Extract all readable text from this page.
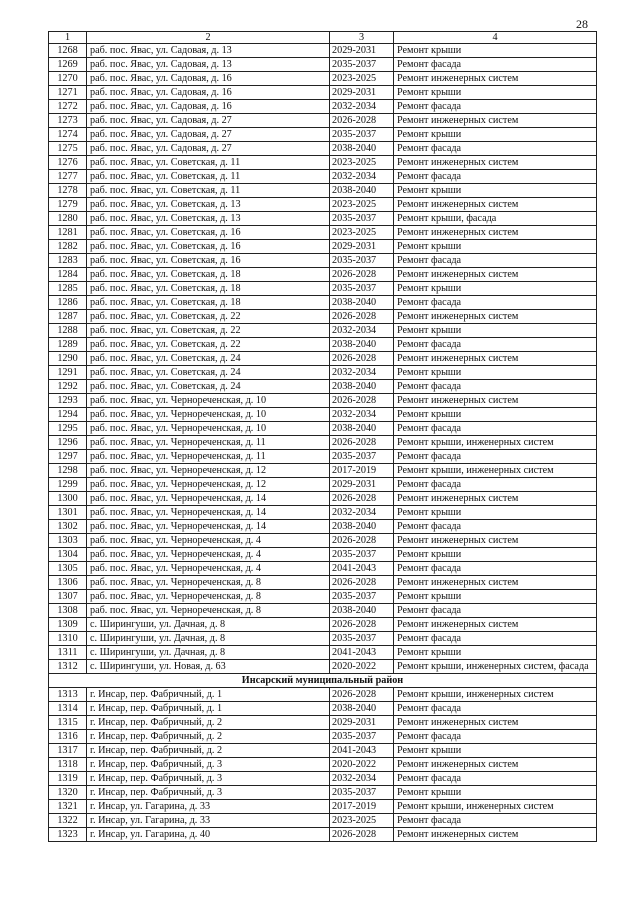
28
1	2	3	4
1268	раб. пос. Явас, ул. Садовая, д. 13	2029-2031	Ремонт крыши
1269	раб. пос. Явас, ул. Садовая, д. 13	2035-2037	Ремонт фасада
1270	раб. пос. Явас, ул. Садовая, д. 16	2023-2025	Ремонт инженерных систем
1271	раб. пос. Явас, ул. Садовая, д. 16	2029-2031	Ремонт крыши
1272	раб. пос. Явас, ул. Садовая, д. 16	2032-2034	Ремонт фасада
1273	раб. пос. Явас, ул. Садовая, д. 27	2026-2028	Ремонт инженерных систем
1274	раб. пос. Явас, ул. Садовая, д. 27	2035-2037	Ремонт крыши
1275	раб. пос. Явас, ул. Садовая, д. 27	2038-2040	Ремонт фасада
1276	раб. пос. Явас, ул. Советская, д. 11	2023-2025	Ремонт инженерных систем
1277	раб. пос. Явас, ул. Советская, д. 11	2032-2034	Ремонт фасада
1278	раб. пос. Явас, ул. Советская, д. 11	2038-2040	Ремонт крыши
1279	раб. пос. Явас, ул. Советская, д. 13	2023-2025	Ремонт инженерных систем
1280	раб. пос. Явас, ул. Советская, д. 13	2035-2037	Ремонт крыши, фасада
1281	раб. пос. Явас, ул. Советская, д. 16	2023-2025	Ремонт инженерных систем
1282	раб. пос. Явас, ул. Советская, д. 16	2029-2031	Ремонт крыши
1283	раб. пос. Явас, ул. Советская, д. 16	2035-2037	Ремонт фасада
1284	раб. пос. Явас, ул. Советская, д. 18	2026-2028	Ремонт инженерных систем
1285	раб. пос. Явас, ул. Советская, д. 18	2035-2037	Ремонт крыши
1286	раб. пос. Явас, ул. Советская, д. 18	2038-2040	Ремонт фасада
1287	раб. пос. Явас, ул. Советская, д. 22	2026-2028	Ремонт инженерных систем
1288	раб. пос. Явас, ул. Советская, д. 22	2032-2034	Ремонт крыши
1289	раб. пос. Явас, ул. Советская, д. 22	2038-2040	Ремонт фасада
1290	раб. пос. Явас, ул. Советская, д. 24	2026-2028	Ремонт инженерных систем
1291	раб. пос. Явас, ул. Советская, д. 24	2032-2034	Ремонт крыши
1292	раб. пос. Явас, ул. Советская, д. 24	2038-2040	Ремонт фасада
1293	раб. пос. Явас, ул. Чернореченская, д. 10	2026-2028	Ремонт инженерных систем
1294	раб. пос. Явас, ул. Чернореченская, д. 10	2032-2034	Ремонт крыши
1295	раб. пос. Явас, ул. Чернореченская, д. 10	2038-2040	Ремонт фасада
1296	раб. пос. Явас, ул. Чернореченская, д. 11	2026-2028	Ремонт крыши, инженерных систем
1297	раб. пос. Явас, ул. Чернореченская, д. 11	2035-2037	Ремонт фасада
1298	раб. пос. Явас, ул. Чернореченская, д. 12	2017-2019	Ремонт крыши, инженерных систем
1299	раб. пос. Явас, ул. Чернореченская, д. 12	2029-2031	Ремонт фасада
1300	раб. пос. Явас, ул. Чернореченская, д. 14	2026-2028	Ремонт инженерных систем
1301	раб. пос. Явас, ул. Чернореченская, д. 14	2032-2034	Ремонт крыши
1302	раб. пос. Явас, ул. Чернореченская, д. 14	2038-2040	Ремонт фасада
1303	раб. пос. Явас, ул. Чернореченская, д. 4	2026-2028	Ремонт инженерных систем
1304	раб. пос. Явас, ул. Чернореченская, д. 4	2035-2037	Ремонт крыши
1305	раб. пос. Явас, ул. Чернореченская, д. 4	2041-2043	Ремонт фасада
1306	раб. пос. Явас, ул. Чернореченская, д. 8	2026-2028	Ремонт инженерных систем
1307	раб. пос. Явас, ул. Чернореченская, д. 8	2035-2037	Ремонт крыши
1308	раб. пос. Явас, ул. Чернореченская, д. 8	2038-2040	Ремонт фасада
1309	с. Ширингуши, ул. Дачная, д. 8	2026-2028	Ремонт инженерных систем
1310	с. Ширингуши, ул. Дачная, д. 8	2035-2037	Ремонт фасада
1311	с. Ширингуши, ул. Дачная, д. 8	2041-2043	Ремонт крыши
1312	с. Ширингуши, ул. Новая, д. 63	2020-2022	Ремонт крыши, инженерных систем, фасада
Инсарский муниципальный район			
1313	г. Инсар, пер. Фабричный, д. 1	2026-2028	Ремонт крыши, инженерных систем
1314	г. Инсар, пер. Фабричный, д. 1	2038-2040	Ремонт фасада
1315	г. Инсар, пер. Фабричный, д. 2	2029-2031	Ремонт инженерных систем
1316	г. Инсар, пер. Фабричный, д. 2	2035-2037	Ремонт фасада
1317	г. Инсар, пер. Фабричный, д. 2	2041-2043	Ремонт крыши
1318	г. Инсар, пер. Фабричный, д. 3	2020-2022	Ремонт инженерных систем
1319	г. Инсар, пер. Фабричный, д. 3	2032-2034	Ремонт фасада
1320	г. Инсар, пер. Фабричный, д. 3	2035-2037	Ремонт крыши
1321	г. Инсар, ул. Гагарина, д. 33	2017-2019	Ремонт крыши, инженерных систем
1322	г. Инсар, ул. Гагарина, д. 33	2023-2025	Ремонт фасада
1323	г. Инсар, ул. Гагарина, д. 40	2026-2028	Ремонт инженерных систем
